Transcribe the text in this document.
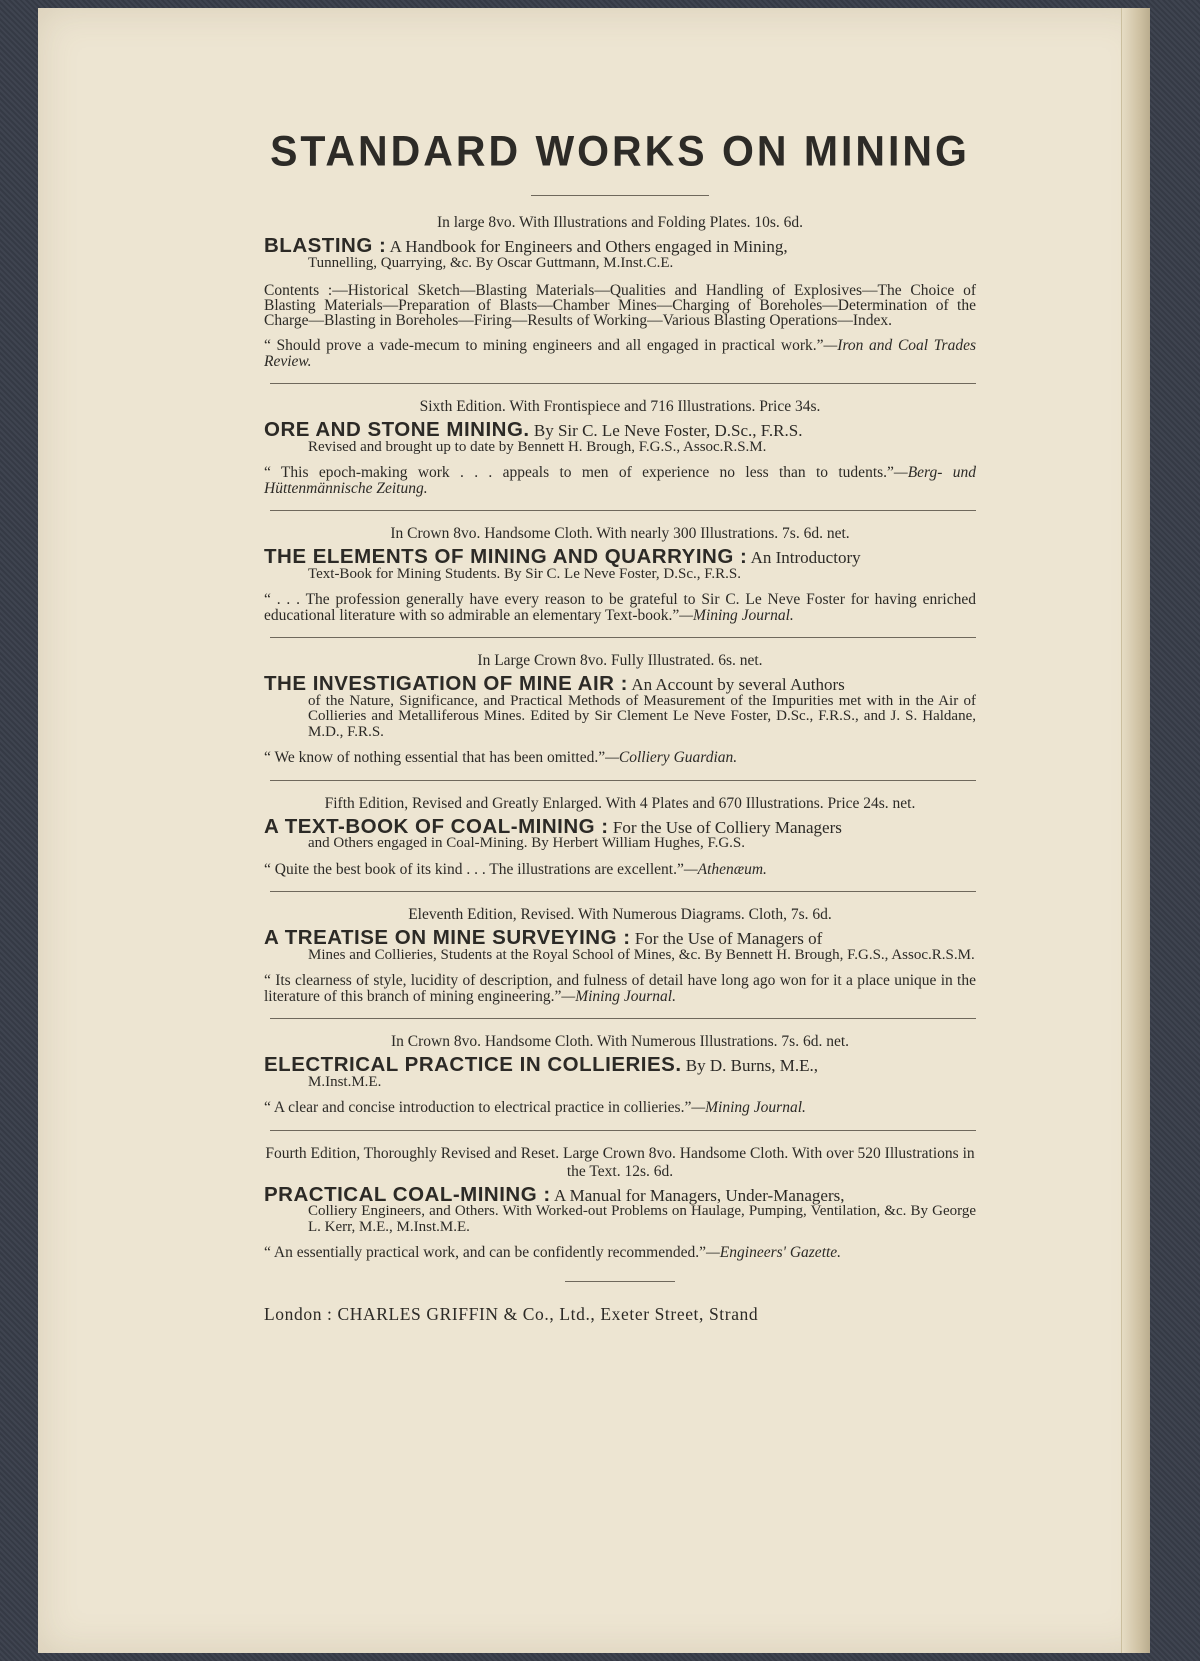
STANDARD WORKS ON MINING

In large 8vo. With Illustrations and Folding Plates. 10s. 6d.

BLASTING : A Handbook for Engineers and Others engaged in Mining,
Tunnelling, Quarrying, &c. By Oscar Guttmann, M.Inst.C.E.

Contents :—Historical Sketch—Blasting Materials—Qualities and Handling of Explosives—The Choice of Blasting Materials—Preparation of Blasts—Chamber Mines—Charging of Boreholes—Determination of the Charge—Blasting in Boreholes—Firing—Results of Working—Various Blasting Operations—Index.

“ Should prove a vade-mecum to mining engineers and all engaged in practical work.”—Iron and Coal Trades Review.

Sixth Edition. With Frontispiece and 716 Illustrations. Price 34s.

ORE AND STONE MINING. By Sir C. Le Neve Foster, D.Sc., F.R.S.
Revised and brought up to date by Bennett H. Brough, F.G.S., Assoc.R.S.M.

“ This epoch-making work . . . appeals to men of experience no less than to tudents.”—Berg- und Hüttenmännische Zeitung.

In Crown 8vo. Handsome Cloth. With nearly 300 Illustrations. 7s. 6d. net.

THE ELEMENTS OF MINING AND QUARRYING : An Introductory
Text-Book for Mining Students. By Sir C. Le Neve Foster, D.Sc., F.R.S.

“ . . . The profession generally have every reason to be grateful to Sir C. Le Neve Foster for having enriched educational literature with so admirable an elementary Text-book.”—Mining Journal.

In Large Crown 8vo. Fully Illustrated. 6s. net.

THE INVESTIGATION OF MINE AIR : An Account by several Authors
of the Nature, Significance, and Practical Methods of Measurement of the Impurities met with in the Air of Collieries and Metalliferous Mines. Edited by Sir Clement Le Neve Foster, D.Sc., F.R.S., and J. S. Haldane, M.D., F.R.S.

“ We know of nothing essential that has been omitted.”—Colliery Guardian.

Fifth Edition, Revised and Greatly Enlarged. With 4 Plates and 670 Illustrations. Price 24s. net.

A TEXT-BOOK OF COAL-MINING : For the Use of Colliery Managers
and Others engaged in Coal-Mining. By Herbert William Hughes, F.G.S.

“ Quite the best book of its kind . . . The illustrations are excellent.”—Athenæum.

Eleventh Edition, Revised. With Numerous Diagrams. Cloth, 7s. 6d.

A TREATISE ON MINE SURVEYING : For the Use of Managers of
Mines and Collieries, Students at the Royal School of Mines, &c. By Bennett H. Brough, F.G.S., Assoc.R.S.M.

“ Its clearness of style, lucidity of description, and fulness of detail have long ago won for it a place unique in the literature of this branch of mining engineering.”—Mining Journal.

In Crown 8vo. Handsome Cloth. With Numerous Illustrations. 7s. 6d. net.

ELECTRICAL PRACTICE IN COLLIERIES. By D. Burns, M.E.,
M.Inst.M.E.

“ A clear and concise introduction to electrical practice in collieries.”—Mining Journal.

Fourth Edition, Thoroughly Revised and Reset. Large Crown 8vo. Handsome Cloth. With over 520 Illustrations in the Text. 12s. 6d.

PRACTICAL COAL-MINING : A Manual for Managers, Under-Managers,
Colliery Engineers, and Others. With Worked-out Problems on Haulage, Pumping, Ventilation, &c. By George L. Kerr, M.E., M.Inst.M.E.

“ An essentially practical work, and can be confidently recommended.”—Engineers' Gazette.

London : CHARLES GRIFFIN & Co., Ltd., Exeter Street, Strand
